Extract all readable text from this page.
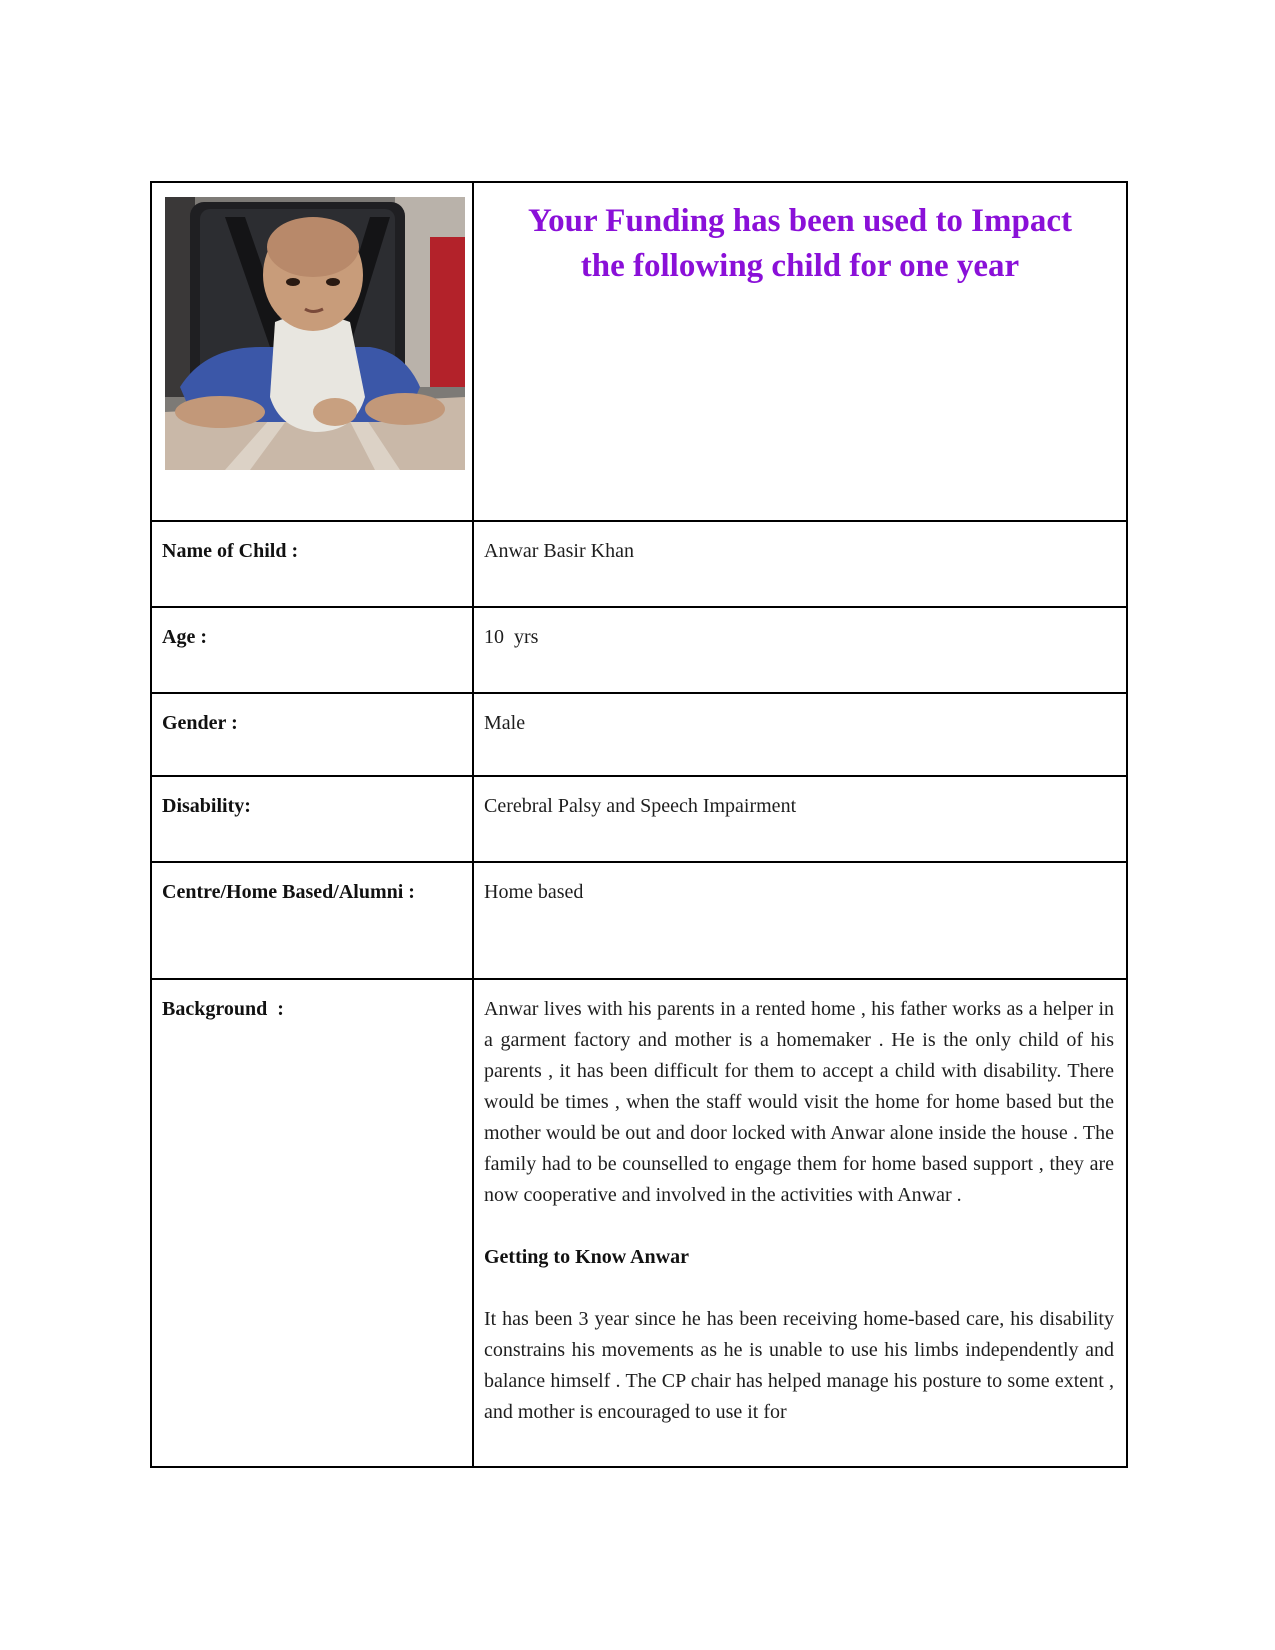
Your Funding has been used to Impact
the following child for one year

Name of Child :	Anwar Basir Khan

Age :	10  yrs

Gender :	Male

Disability:	Cerebral Palsy and Speech Impairment

Centre/Home Based/Alumni :	Home based

Background  :	Anwar lives with his parents in a rented home , his father works as a helper in a garment factory and mother is a homemaker . He is the only child of his parents , it has been difficult for them to accept a child with disability. There would be times , when the staff would visit the home for home based but the mother would be out and door locked with Anwar alone inside the house . The family had to be counselled to engage them for home based support , they are now cooperative and involved in the activities with Anwar .

Getting to Know Anwar

It has been 3 year since he has been receiving home-based care, his disability constrains his movements as he is unable to use his limbs independently and balance himself . The CP chair has helped manage his posture to some extent , and mother is encouraged to use it for
